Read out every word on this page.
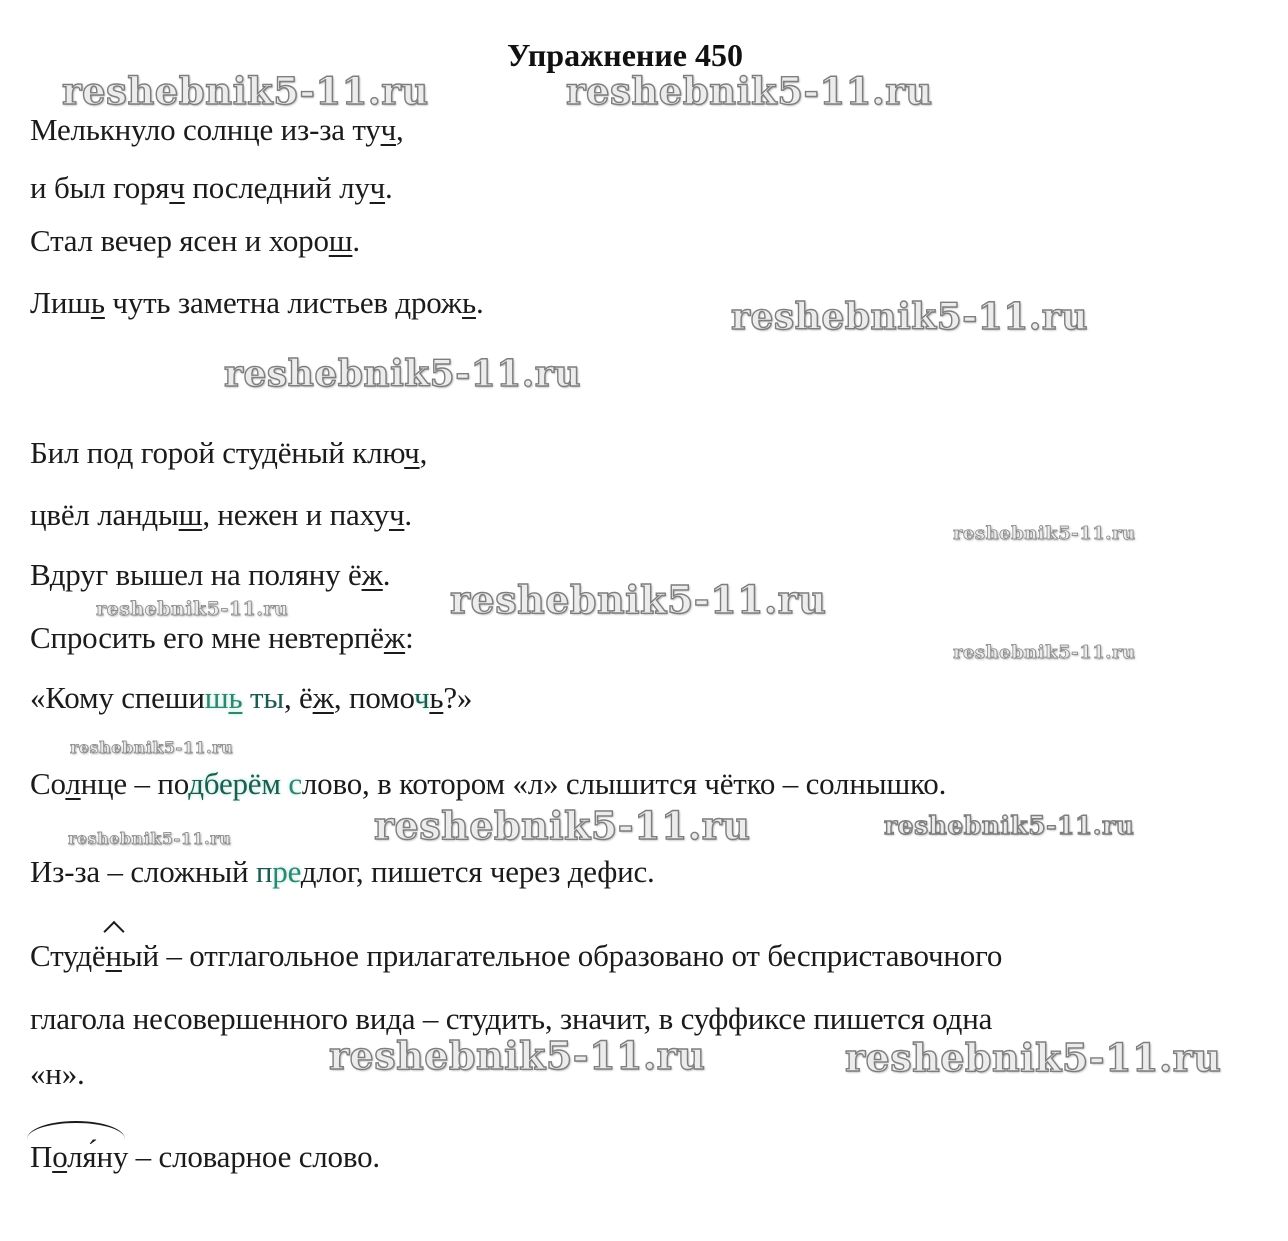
Упражнение 450
reshebnik5-11.ru	reshebnik5-11.ru
reshebnik5-11.ru
reshebnik5-11.ru
reshebnik5-11.ru
reshebnik5-11.ru
reshebnik5-11.ru
reshebnik5-11.ru
reshebnik5-11.ru
reshebnik5-11.ru	reshebnik5-11.ru
reshebnik5-11.ru
reshebnik5-11.ru	reshebnik5-11.ru
Мелькнуло солнце из-за туч,
и был горяч последний луч.
Стал вечер ясен и хорош.
Лишь чуть заметна листьев дрожь.
Бил под горой студёный ключ,
цвёл ландыш, нежен и пахуч.
Вдруг вышел на поляну ёж.
Спросить его мне невтерпёж:
«Кому спешишь ты, ёж, помочь?»
Солнце – подберём слово, в котором «л» слышится чётко – солнышко.
Из-за – сложный предлог, пишется через дефис.
Студёный – отглагольное прилагательное образовано от бесприставочного
глагола несовершенного вида – студить, значит, в суффиксе пишется одна
«н».
Поля́ну – словарное слово.
